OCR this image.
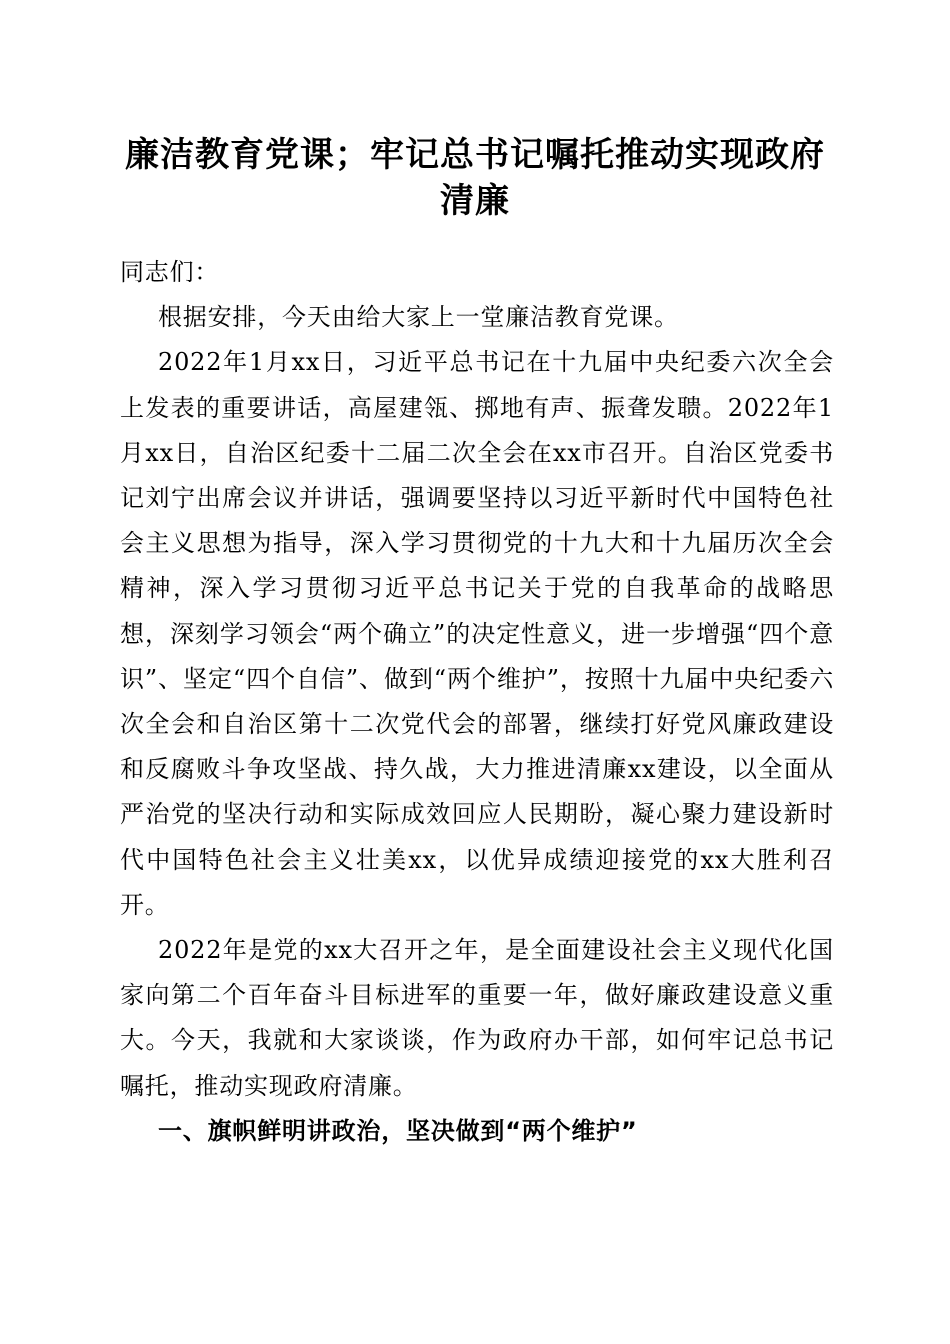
廉洁教育党课；牢记总书记嘱托推动实现政府
清廉

同志们：

根据安排，今天由给大家上一堂廉洁教育党课。

2022年1月xx日，习近平总书记在十九届中央纪委六次全会上发表的重要讲话，高屋建瓴、掷地有声、振聋发聩。2022年1月xx日，自治区纪委十二届二次全会在xx市召开。自治区党委书记刘宁出席会议并讲话，强调要坚持以习近平新时代中国特色社会主义思想为指导，深入学习贯彻党的十九大和十九届历次全会精神，深入学习贯彻习近平总书记关于党的自我革命的战略思想，深刻学习领会“两个确立”的决定性意义，进一步增强“四个意识”、坚定“四个自信”、做到“两个维护”，按照十九届中央纪委六次全会和自治区第十二次党代会的部署，继续打好党风廉政建设和反腐败斗争攻坚战、持久战，大力推进清廉xx建设，以全面从严治党的坚决行动和实际成效回应人民期盼，凝心聚力建设新时代中国特色社会主义壮美xx，以优异成绩迎接党的xx大胜利召开。

2022年是党的xx大召开之年，是全面建设社会主义现代化国家向第二个百年奋斗目标进军的重要一年，做好廉政建设意义重大。今天，我就和大家谈谈，作为政府办干部，如何牢记总书记嘱托，推动实现政府清廉。

一、旗帜鲜明讲政治，坚决做到“两个维护”
